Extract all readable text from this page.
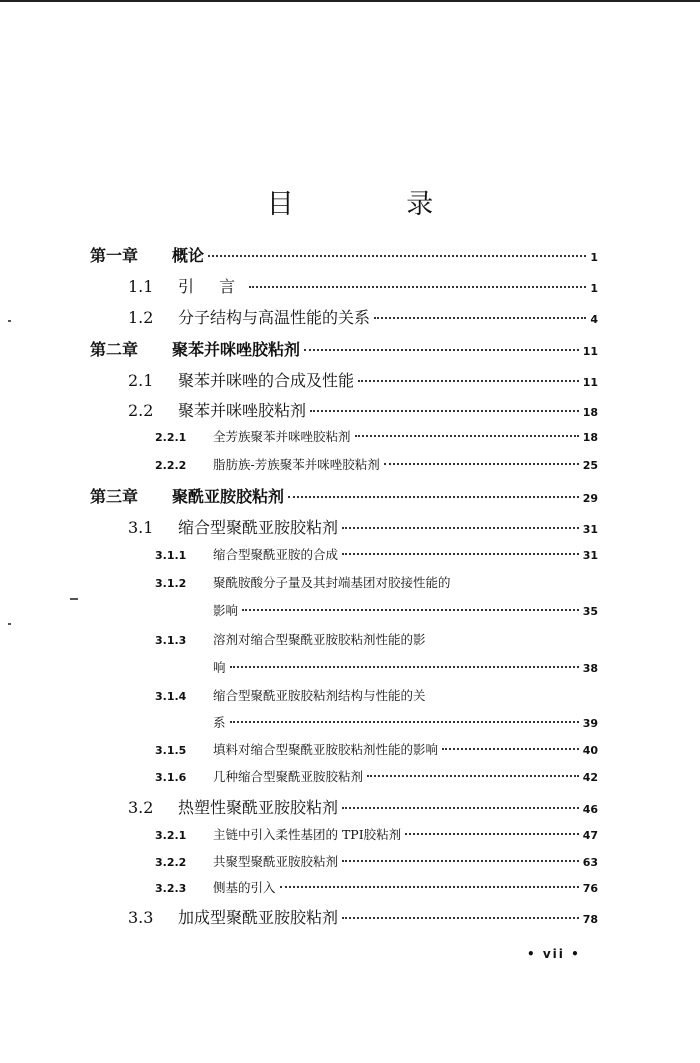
目 录
第一章	概论	1
1.1	引 言	1
1.2	分子结构与高温性能的关系	4
第二章	聚苯并咪唑胶粘剂	11
2.1	聚苯并咪唑的合成及性能	11
2.2	聚苯并咪唑胶粘剂	18
2.2.1	全芳族聚苯并咪唑胶粘剂	18
2.2.2	脂肪族-芳族聚苯并咪唑胶粘剂	25
第三章	聚酰亚胺胶粘剂	29
3.1	缩合型聚酰亚胺胶粘剂	31
3.1.1	缩合型聚酰亚胺的合成	31
3.1.2	聚酰胺酸分子量及其封端基团对胶接性能的
影响	35
3.1.3	溶剂对缩合型聚酰亚胺胶粘剂性能的影
响	38
3.1.4	缩合型聚酰亚胺胶粘剂结构与性能的关
系	39
3.1.5	填料对缩合型聚酰亚胺胶粘剂性能的影响	40
3.1.6	几种缩合型聚酰亚胺胶粘剂	42
3.2	热塑性聚酰亚胺胶粘剂	46
3.2.1	主链中引入柔性基团的 TPI胶粘剂	47
3.2.2	共聚型聚酰亚胺胶粘剂	63
3.2.3	侧基的引入	76
3.3	加成型聚酰亚胺胶粘剂	78
• vii •
